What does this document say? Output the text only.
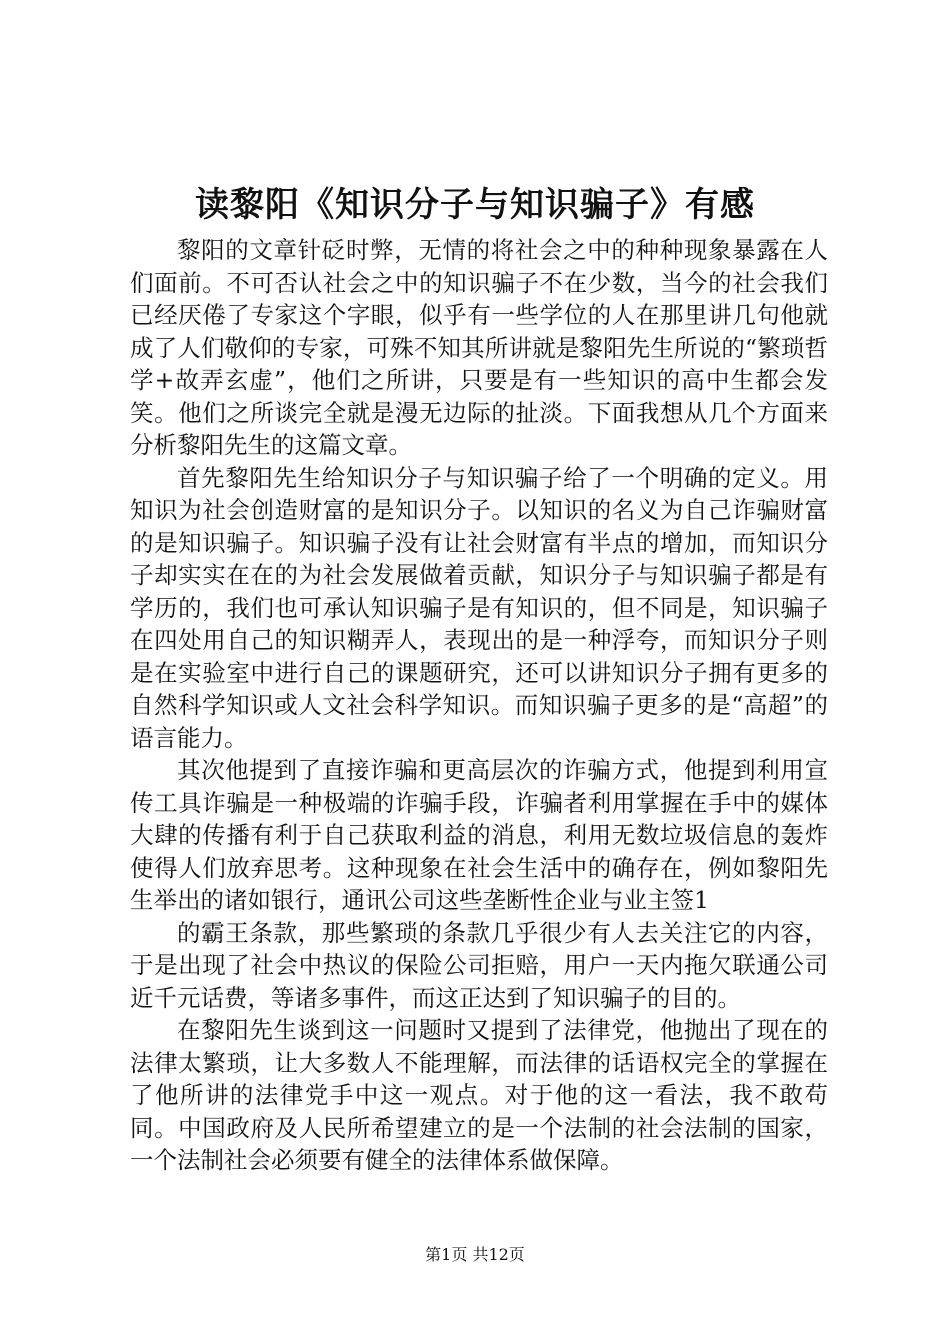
读黎阳《知识分子与知识骗子》有感

黎阳的文章针砭时弊，无情的将社会之中的种种现象暴露在人们面前。不可否认社会之中的知识骗子不在少数，当今的社会我们已经厌倦了专家这个字眼，似乎有一些学位的人在那里讲几句他就成了人们敬仰的专家，可殊不知其所讲就是黎阳先生所说的“繁琐哲学+故弄玄虚”，他们之所讲，只要是有一些知识的高中生都会发笑。他们之所谈完全就是漫无边际的扯淡。下面我想从几个方面来分析黎阳先生的这篇文章。

首先黎阳先生给知识分子与知识骗子给了一个明确的定义。用知识为社会创造财富的是知识分子。以知识的名义为自己诈骗财富的是知识骗子。知识骗子没有让社会财富有半点的增加，而知识分子却实实在在的为社会发展做着贡献，知识分子与知识骗子都是有学历的，我们也可承认知识骗子是有知识的，但不同是，知识骗子在四处用自己的知识糊弄人，表现出的是一种浮夸，而知识分子则是在实验室中进行自己的课题研究，还可以讲知识分子拥有更多的自然科学知识或人文社会科学知识。而知识骗子更多的是“高超”的语言能力。

其次他提到了直接诈骗和更高层次的诈骗方式，他提到利用宣传工具诈骗是一种极端的诈骗手段，诈骗者利用掌握在手中的媒体大肆的传播有利于自己获取利益的消息，利用无数垃圾信息的轰炸使得人们放弃思考。这种现象在社会生活中的确存在，例如黎阳先生举出的诸如银行，通讯公司这些垄断性企业与业主签1

的霸王条款，那些繁琐的条款几乎很少有人去关注它的内容，于是出现了社会中热议的保险公司拒赔，用户一天内拖欠联通公司近千元话费，等诸多事件，而这正达到了知识骗子的目的。

在黎阳先生谈到这一问题时又提到了法律党，他抛出了现在的法律太繁琐，让大多数人不能理解，而法律的话语权完全的掌握在了他所讲的法律党手中这一观点。对于他的这一看法，我不敢苟同。中国政府及人民所希望建立的是一个法制的社会法制的国家，一个法制社会必须要有健全的法律体系做保障。

第1页 共12页
